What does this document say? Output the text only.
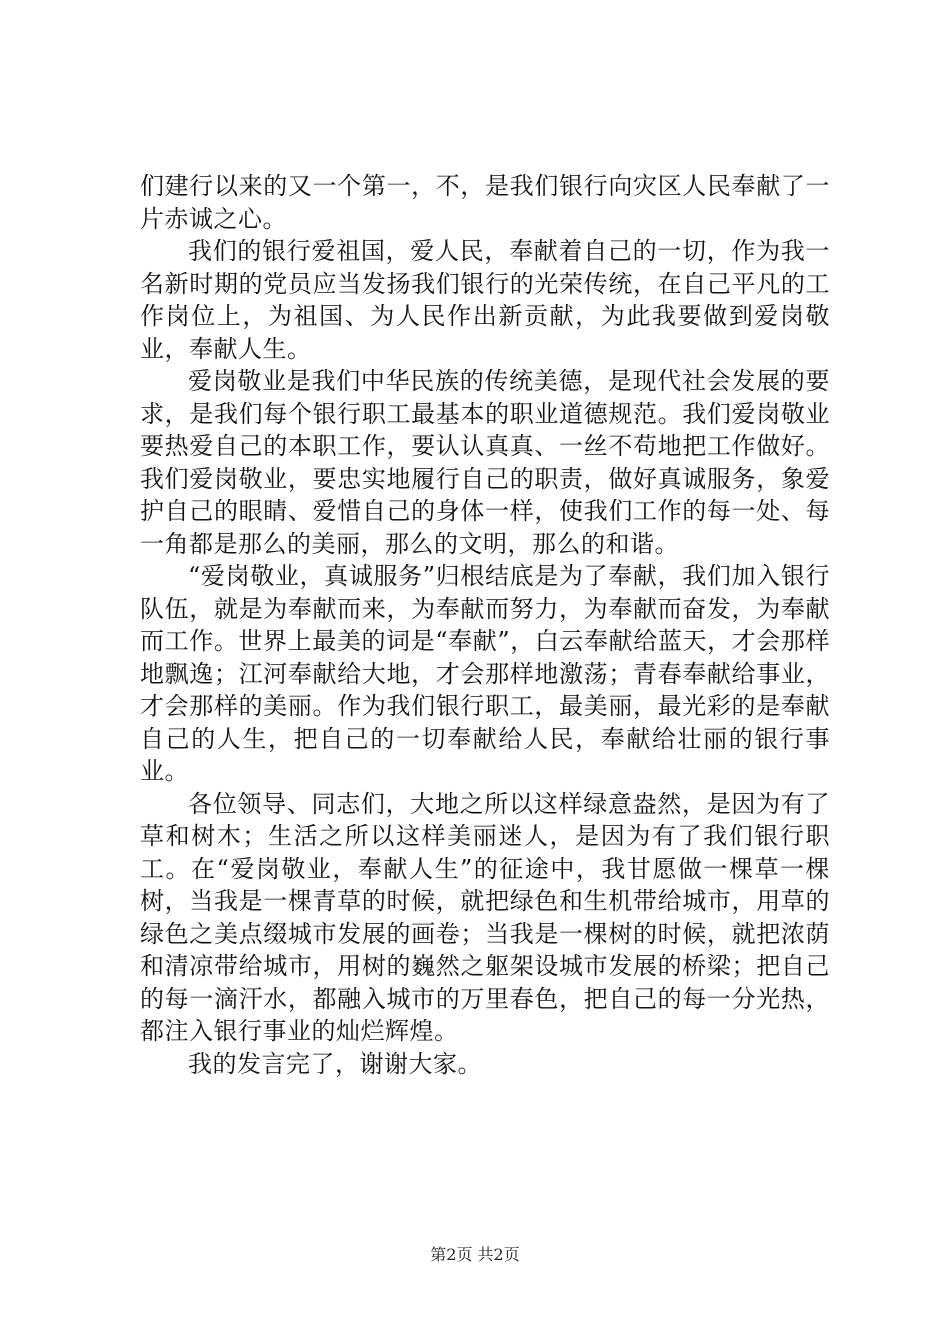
们建行以来的又一个第一，不，是我们银行向灾区人民奉献了一片赤诚之心。

我们的银行爱祖国，爱人民，奉献着自己的一切，作为我一名新时期的党员应当发扬我们银行的光荣传统，在自己平凡的工作岗位上，为祖国、为人民作出新贡献，为此我要做到爱岗敬业，奉献人生。

爱岗敬业是我们中华民族的传统美德，是现代社会发展的要求，是我们每个银行职工最基本的职业道德规范。我们爱岗敬业要热爱自己的本职工作，要认认真真、一丝不苟地把工作做好。我们爱岗敬业，要忠实地履行自己的职责，做好真诚服务，象爱护自己的眼睛、爱惜自己的身体一样，使我们工作的每一处、每一角都是那么的美丽，那么的文明，那么的和谐。

“爱岗敬业，真诚服务”归根结底是为了奉献，我们加入银行队伍，就是为奉献而来，为奉献而努力，为奉献而奋发，为奉献而工作。世界上最美的词是“奉献”，白云奉献给蓝天，才会那样地飘逸；江河奉献给大地，才会那样地激荡；青春奉献给事业，才会那样的美丽。作为我们银行职工，最美丽，最光彩的是奉献自己的人生，把自己的一切奉献给人民，奉献给壮丽的银行事业。

各位领导、同志们，大地之所以这样绿意盎然，是因为有了草和树木；生活之所以这样美丽迷人，是因为有了我们银行职工。在“爱岗敬业，奉献人生”的征途中，我甘愿做一棵草一棵树，当我是一棵青草的时候，就把绿色和生机带给城市，用草的绿色之美点缀城市发展的画卷；当我是一棵树的时候，就把浓荫和清凉带给城市，用树的巍然之躯架设城市发展的桥梁；把自己的每一滴汗水，都融入城市的万里春色，把自己的每一分光热，都注入银行事业的灿烂辉煌。

我的发言完了，谢谢大家。

第2页 共2页
